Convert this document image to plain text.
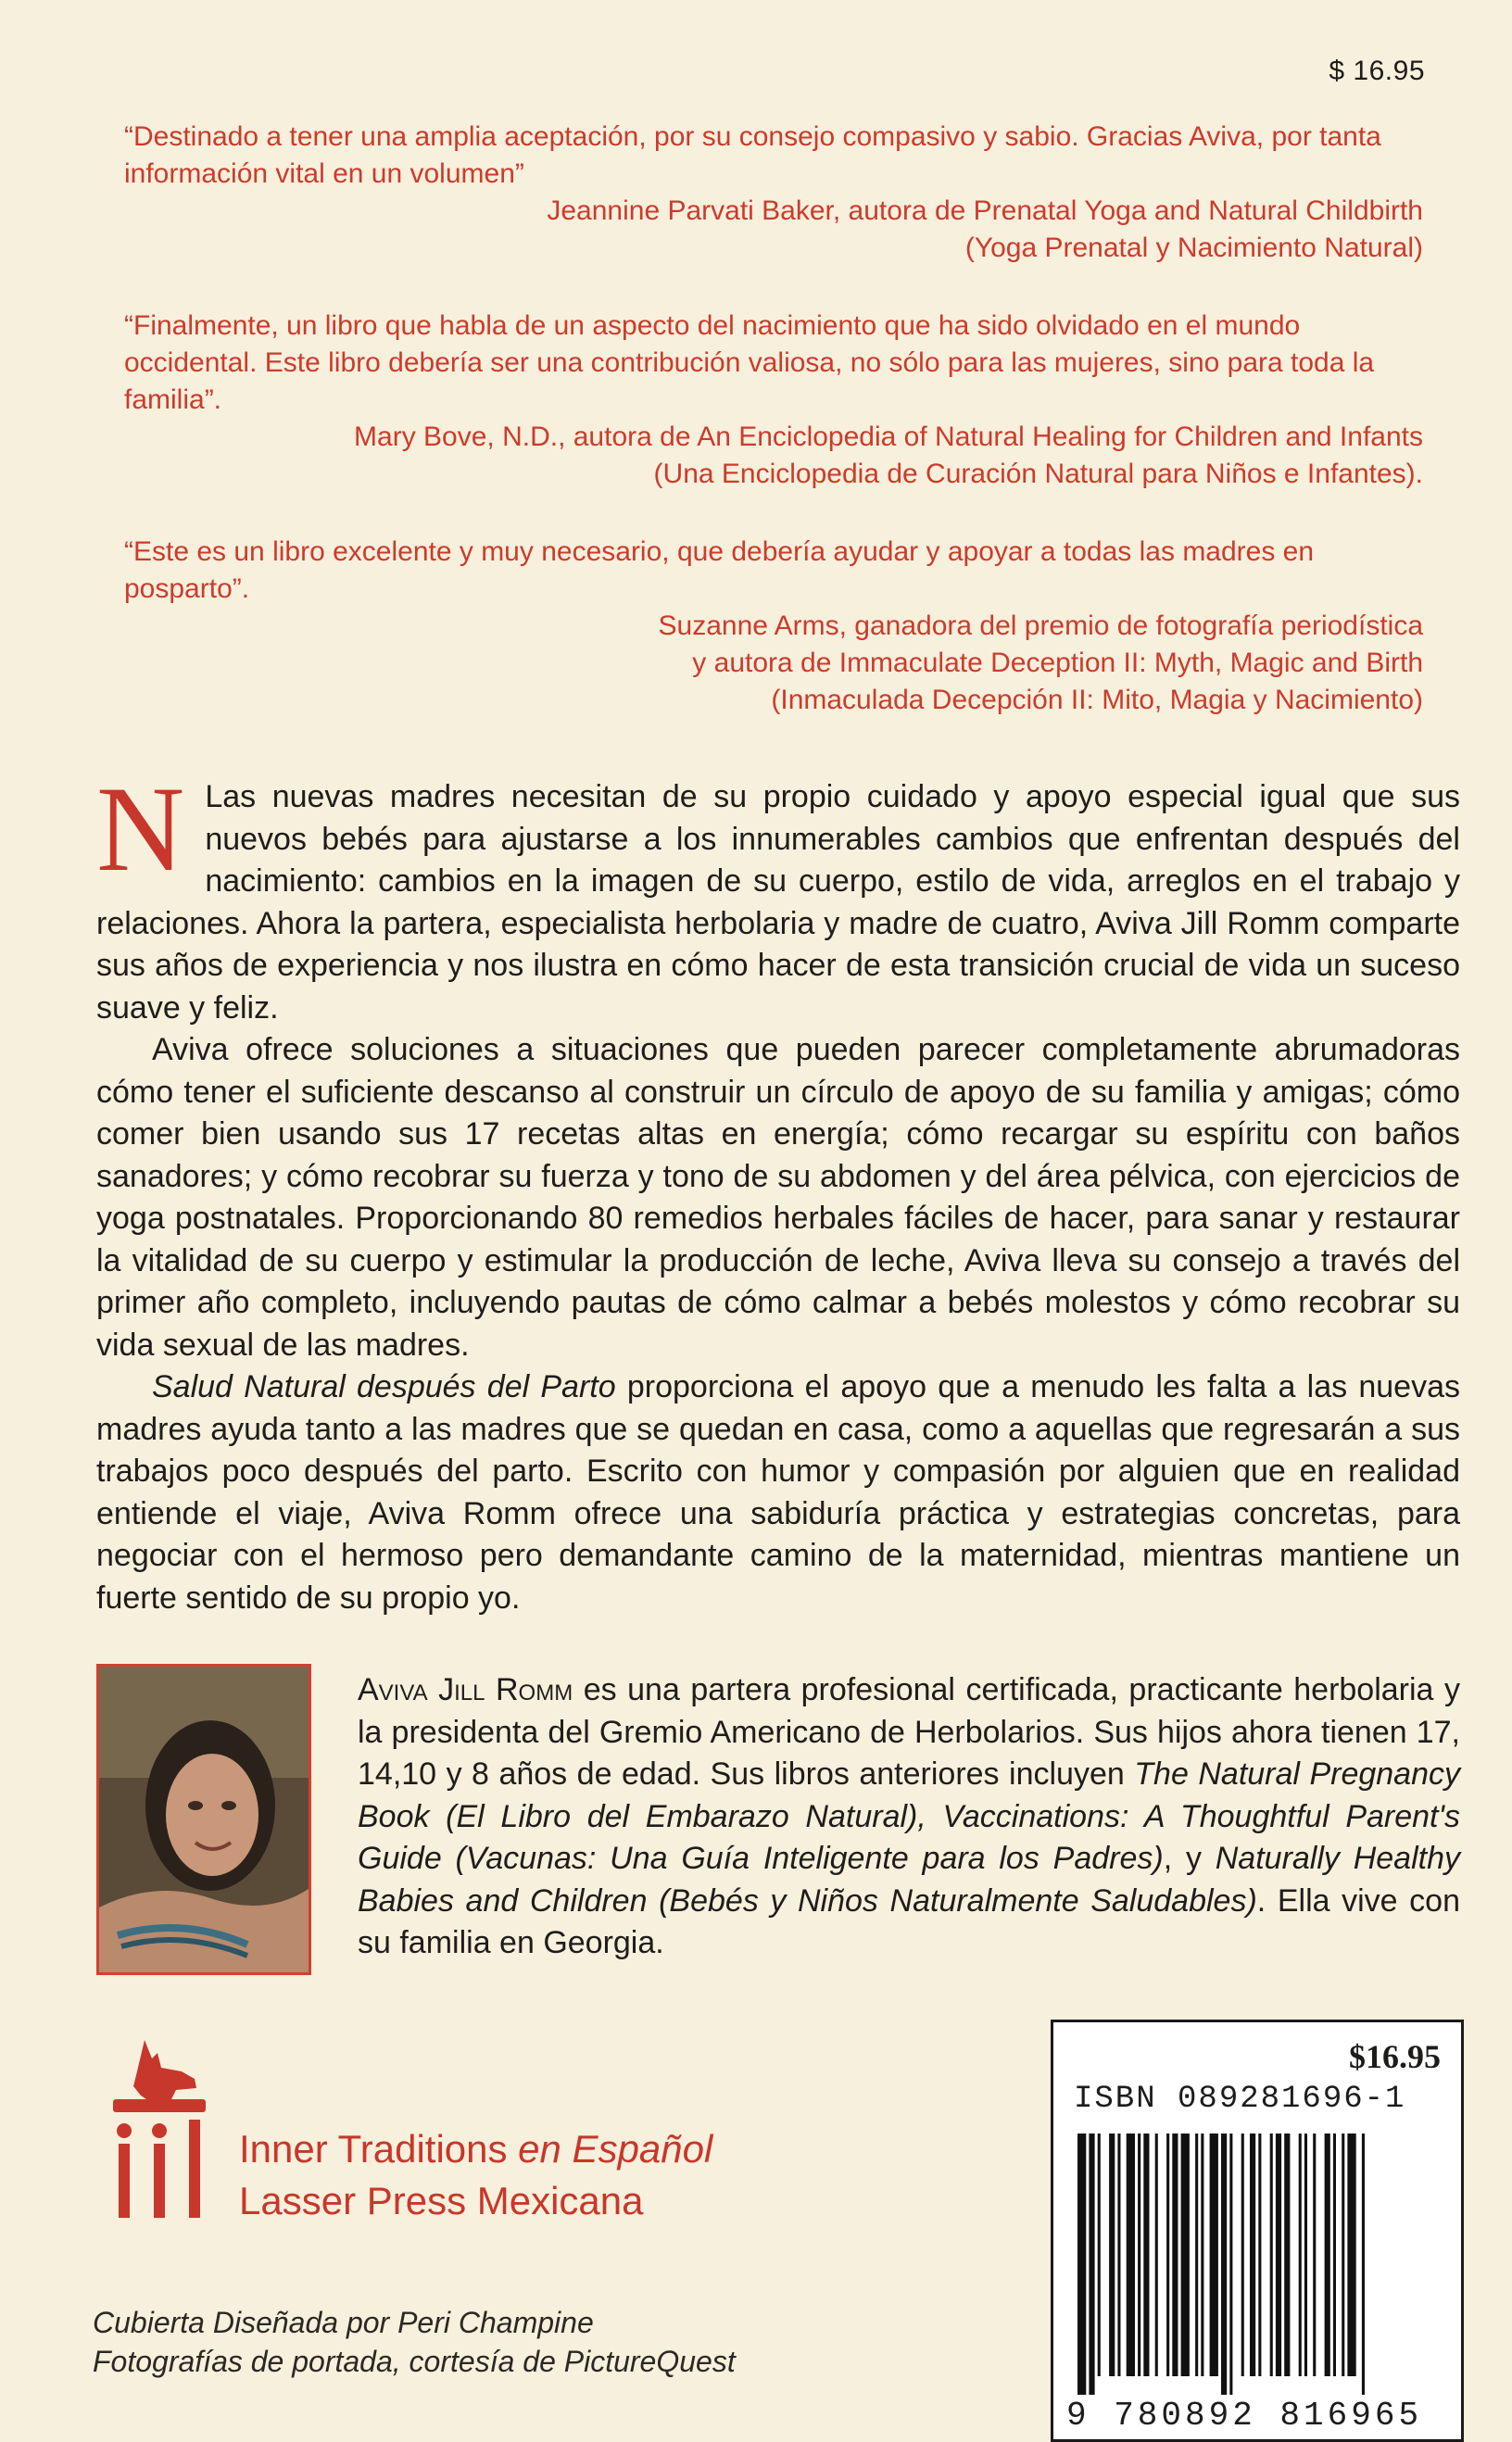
$ 16.95

“Destinado a tener una amplia aceptación, por su consejo compasivo y sabio. Gracias Aviva, por tanta información vital en un volumen”

Jeannine Parvati Baker, autora de Prenatal Yoga and Natural Childbirth

(Yoga Prenatal y Nacimiento Natural)

“Finalmente, un libro que habla de un aspecto del nacimiento que ha sido olvidado en el mundo occidental. Este libro debería ser una contribución valiosa, no sólo para las mujeres, sino para toda la familia”.

Mary Bove, N.D., autora de An Enciclopedia of Natural Healing for Children and Infants

(Una Enciclopedia de Curación Natural para Niños e Infantes).

“Este es un libro excelente y muy necesario, que debería ayudar y apoyar a todas las madres en posparto”.

Suzanne Arms, ganadora del premio de fotografía periodística

y autora de Immaculate Deception II: Myth, Magic and Birth

(Inmaculada Decepción II: Mito, Magia y Nacimiento)

N Las nuevas madres necesitan de su propio cuidado y apoyo especial igual que sus nuevos bebés para ajustarse a los innumerables cambios que enfrentan después del nacimiento: cambios en la imagen de su cuerpo, estilo de vida, arreglos en el trabajo y relaciones. Ahora la partera, especialista herbolaria y madre de cuatro, Aviva Jill Romm comparte sus años de experiencia y nos ilustra en cómo hacer de esta transición crucial de vida un suceso suave y feliz.

Aviva ofrece soluciones a situaciones que pueden parecer completamente abrumadoras cómo tener el suficiente descanso al construir un círculo de apoyo de su familia y amigas; cómo comer bien usando sus 17 recetas altas en energía; cómo recargar su espíritu con baños sanadores; y cómo recobrar su fuerza y tono de su abdomen y del área pélvica, con ejercicios de yoga postnatales. Proporcionando 80 remedios herbales fáciles de hacer, para sanar y restaurar la vitalidad de su cuerpo y estimular la producción de leche, Aviva lleva su consejo a través del primer año completo, incluyendo pautas de cómo calmar a bebés molestos y cómo recobrar su vida sexual de las madres.

Salud Natural después del Parto proporciona el apoyo que a menudo les falta a las nuevas madres ayuda tanto a las madres que se quedan en casa, como a aquellas que regresarán a sus trabajos poco después del parto. Escrito con humor y compasión por alguien que en realidad entiende el viaje, Aviva Romm ofrece una sabiduría práctica y estrategias concretas, para negociar con el hermoso pero demandante camino de la maternidad, mientras mantiene un fuerte sentido de su propio yo.

Aviva Jill Romm es una partera profesional certificada, practicante herbolaria y la presidenta del Gremio Americano de Herbolarios. Sus hijos ahora tienen 17, 14,10 y 8 años de edad. Sus libros anteriores incluyen The Natural Pregnancy Book (El Libro del Embarazo Natural), Vaccinations: A Thoughtful Parent's Guide (Vacunas: Una Guía Inteligente para los Padres), y Naturally Healthy Babies and Children (Bebés y Niños Naturalmente Saludables). Ella vive con su familia en Georgia.
Inner Traditions en Español
Lasser Press Mexicana
Cubierta Diseñada por Peri Champine
Fotografías de portada, cortesía de PictureQuest
$16.95
ISBN 089281696-1
9 780892 816965
